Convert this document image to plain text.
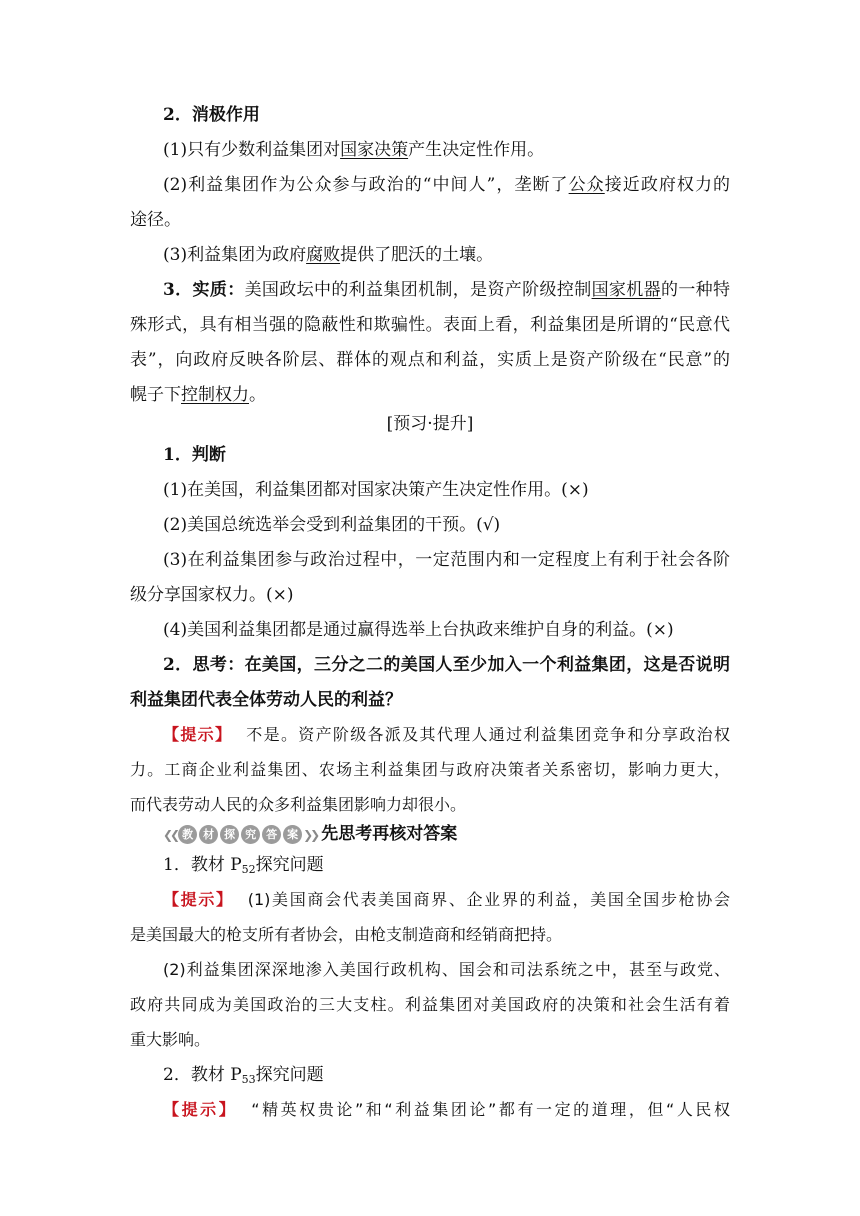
2．消极作用
(1)只有少数利益集团对国家决策产生决定性作用。
(2)利益集团作为公众参与政治的“中间人”，垄断了公众接近政府权力的
途径。
(3)利益集团为政府腐败提供了肥沃的土壤。
3．实质：美国政坛中的利益集团机制，是资产阶级控制国家机器的一种特
殊形式，具有相当强的隐蔽性和欺骗性。表面上看，利益集团是所谓的“民意代
表”，向政府反映各阶层、群体的观点和利益，实质上是资产阶级在“民意”的
幌子下控制权力。
[预习·提升]
1．判断
(1)在美国，利益集团都对国家决策产生决定性作用。(×)
(2)美国总统选举会受到利益集团的干预。(√)
(3)在利益集团参与政治过程中，一定范围内和一定程度上有利于社会各阶
级分享国家权力。(×)
(4)美国利益集团都是通过赢得选举上台执政来维护自身的利益。(×)
2．思考：在美国，三分之二的美国人至少加入一个利益集团，这是否说明
利益集团代表全体劳动人民的利益？
【提示】 不是。资产阶级各派及其代理人通过利益集团竞争和分享政治权
力。工商企业利益集团、农场主利益集团与政府决策者关系密切，影响力更大，
而代表劳动人民的众多利益集团影响力却很小。
❮❮ 教 材 探 究 答 案 ❯❯ 先思考再核对答案
1．教材 $P_{52}$探究问题
【提示】 (1)美国商会代表美国商界、企业界的利益，美国全国步枪协会
是美国最大的枪支所有者协会，由枪支制造商和经销商把持。
(2)利益集团深深地渗入美国行政机构、国会和司法系统之中，甚至与政党、
政府共同成为美国政治的三大支柱。利益集团对美国政府的决策和社会生活有着
重大影响。
2．教材 $P_{53}$探究问题
【提示】 “精英权贵论”和“利益集团论”都有一定的道理，但“人民权
